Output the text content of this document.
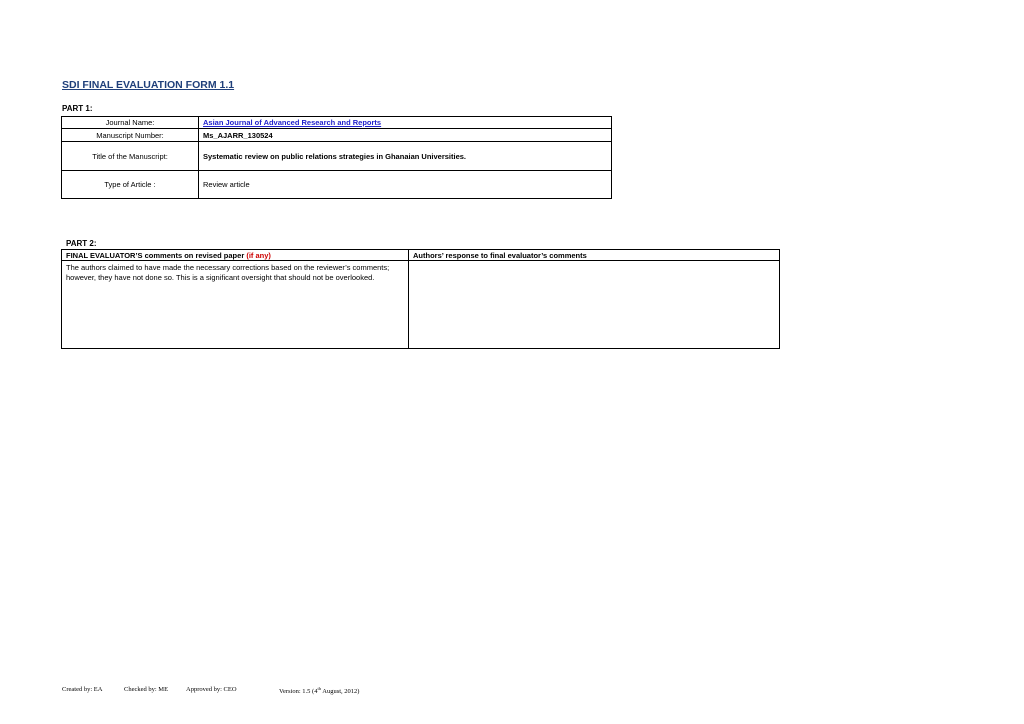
SDI FINAL EVALUATION FORM 1.1
PART 1:
Journal Name:	Asian Journal of Advanced Research and Reports
Manuscript Number:	Ms_AJARR_130524
Title of the Manuscript:	Systematic review on public relations strategies in Ghanaian Universities.
Type of Article :	Review article
PART 2:
FINAL EVALUATOR’S comments on revised paper (if any)	Authors’ response to final evaluator’s comments
The authors claimed to have made the necessary corrections based on the reviewer’s comments; however, they have not done so. This is a significant oversight that should not be overlooked.	
Created by: EA	Checked by: ME	Approved by: CEO	Version: 1.5 (4th August, 2012)
